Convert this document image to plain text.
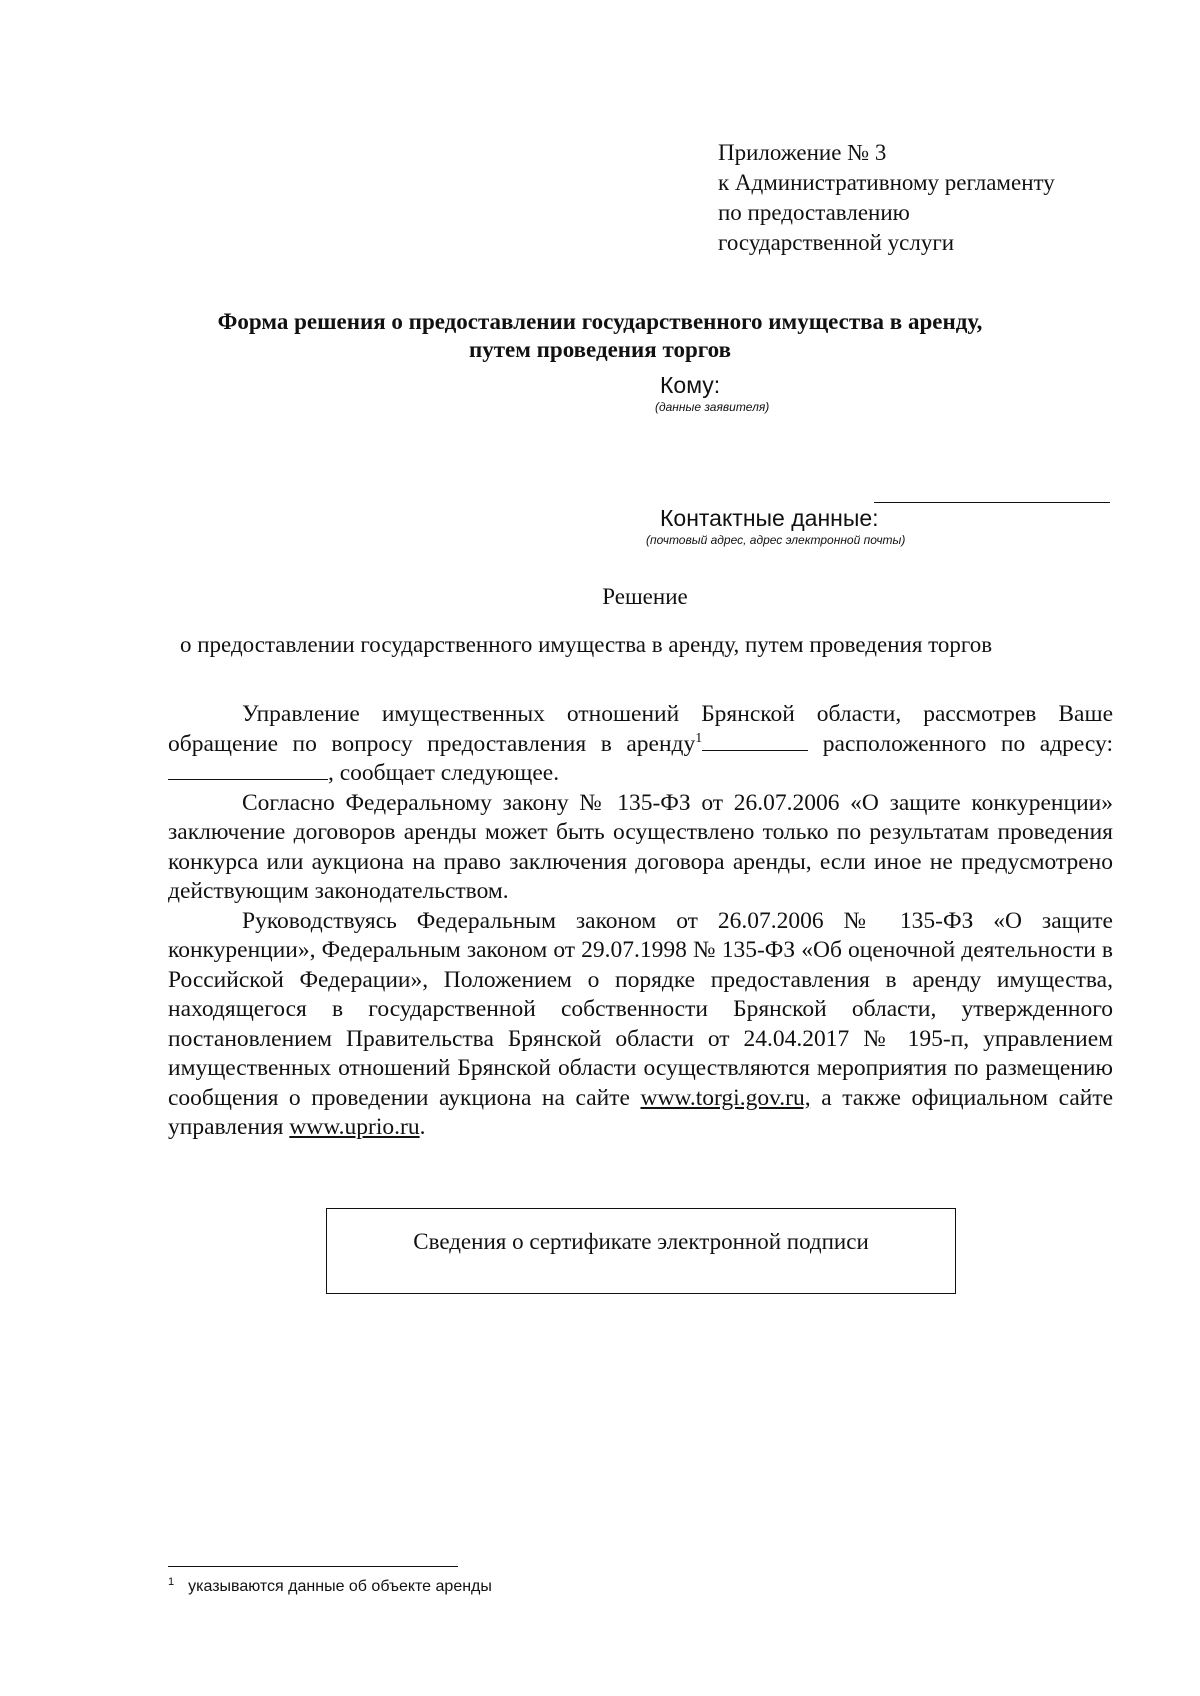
Приложение № 3
к Административному регламенту
по предоставлению
государственной услуги
Форма решения о предоставлении государственного имущества в аренду,
путем проведения торгов
Кому:
(данные заявителя)
Контактные данные:
(почтовый адрес, адрес электронной почты)
Решение
о предоставлении государственного имущества в аренду, путем проведения торгов

Управление имущественных отношений Брянской области, рассмотрев Ваше обращение по вопросу предоставления в аренду$^1$	расположенного по адресу: , сообщает следующее.

Согласно Федеральному закону № 135-ФЗ от 26.07.2006 «О защите конкуренции» заключение договоров аренды может быть осуществлено только по результатам проведения конкурса или аукциона на право заключения договора аренды, если иное не предусмотрено действующим законодательством.

Руководствуясь Федеральным законом от 26.07.2006 № 135-ФЗ «О защите конкуренции», Федеральным законом от 29.07.1998 № 135-ФЗ «Об оценочной деятельности в Российской Федерации», Положением о порядке предоставления в аренду имущества, находящегося в государственной собственности Брянской области, утвержденного постановлением Правительства Брянской области от 24.04.2017 № 195-п, управлением имущественных отношений Брянской области осуществляются мероприятия по размещению сообщения о проведении аукциона на сайте www.torgi.gov.ru, а также официальном сайте управления www.uprio.ru.

Сведения о сертификате электронной подписи
$^1$ указываются данные об объекте аренды
